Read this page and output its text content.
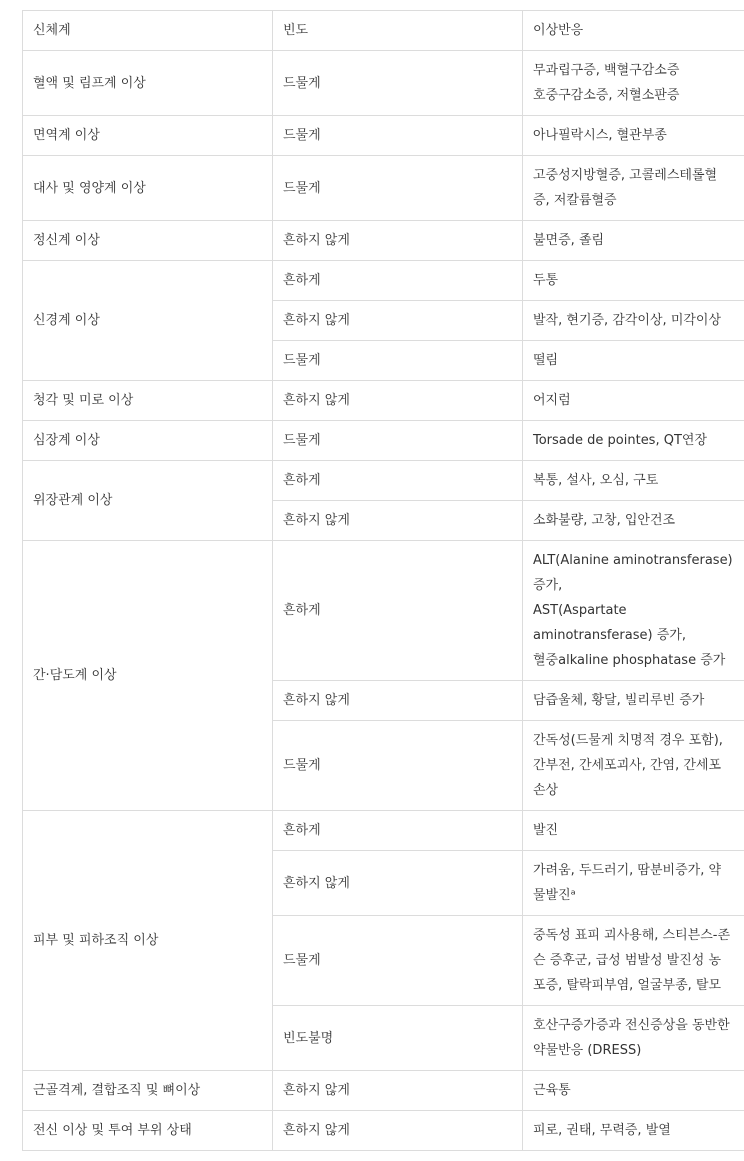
신체계	빈도	이상반응
혈액 및 림프계 이상	드물게	무과립구증, 백혈구감소증
호중구감소증, 저혈소판증
면역계 이상	드물게	아나필락시스, 혈관부종
대사 및 영양계 이상	드물게	고중성지방혈증, 고콜레스테롤혈
증, 저칼륨혈증
정신계 이상	흔하지 않게	불면증, 졸림
신경계 이상	흔하게	두통
	흔하지 않게	발작, 현기증, 감각이상, 미각이상
	드물게	떨림
청각 및 미로 이상	흔하지 않게	어지럼
심장계 이상	드물게	Torsade de pointes, QT연장
위장관계 이상	흔하게	복통, 설사, 오심, 구토
	흔하지 않게	소화불량, 고창, 입안건조
간·담도계 이상	흔하게	ALT(Alanine aminotransferase)
증가,
AST(Aspartate
aminotransferase) 증가,
혈중alkaline phosphatase 증가
	흔하지 않게	담즙울체, 황달, 빌리루빈 증가
	드물게	간독성(드물게 치명적 경우 포함),
간부전, 간세포괴사, 간염, 간세포
손상
피부 및 피하조직 이상	흔하게	발진
	흔하지 않게	가려움, 두드러기, 땀분비증가, 약
물발진ᵃ
	드물게	중독성 표피 괴사용해, 스티븐스-존
슨 증후군, 급성 범발성 발진성 농
포증, 탈락피부염, 얼굴부종, 탈모
	빈도불명	호산구증가증과 전신증상을 동반한
약물반응 (DRESS)
근골격계, 결합조직 및 뼈이상	흔하지 않게	근육통
전신 이상 및 투여 부위 상태	흔하지 않게	피로, 권태, 무력증, 발열
